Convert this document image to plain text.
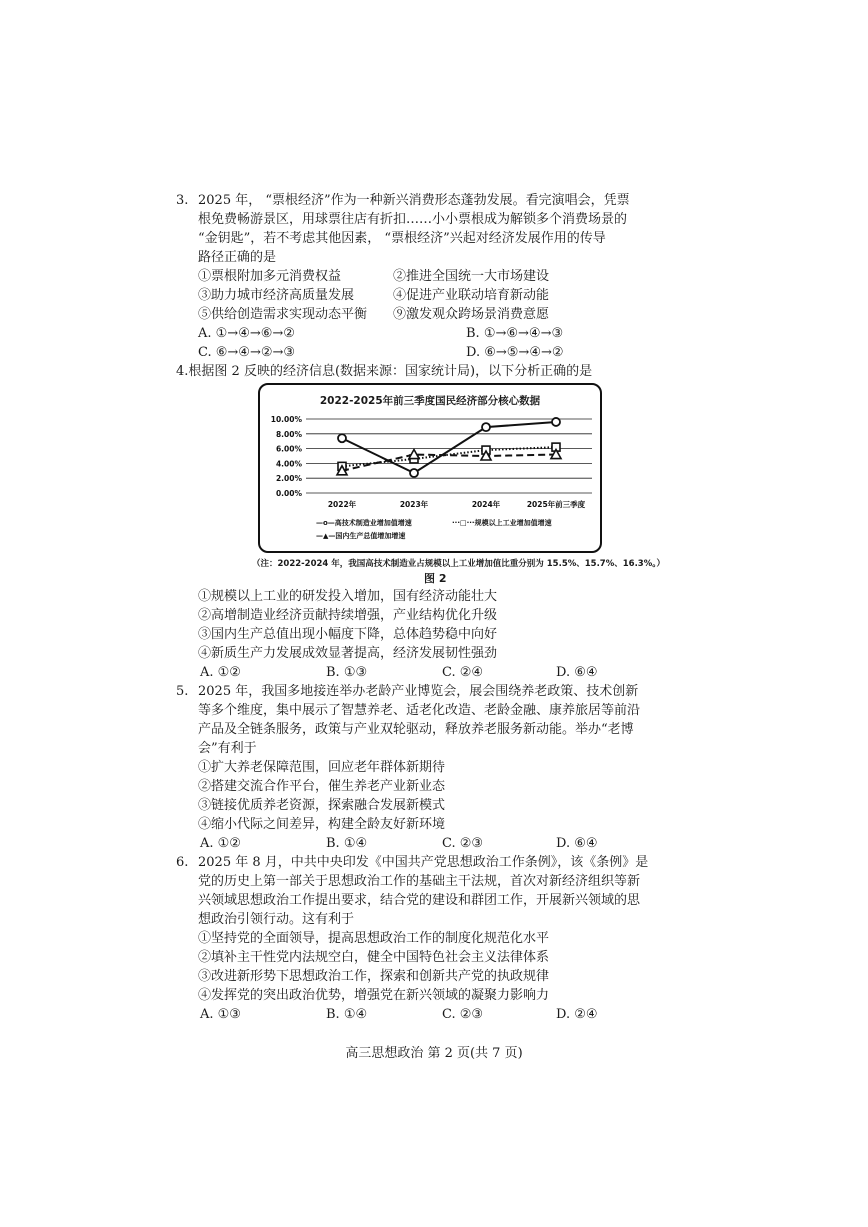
3. 2025 年， “票根经济”作为一种新兴消费形态蓬勃发展。看完演唱会，凭票
根免费畅游景区，用球票往店有折扣……小小票根成为解锁多个消费场景的
“金钥匙”，若不考虑其他因素， “票根经济”兴起对经济发展作用的传导
路径正确的是
①票根附加多元消费权益	②推进全国统一大市场建设
③助力城市经济高质量发展	④促进产业联动培育新动能
⑤供给创造需求实现动态平衡 ⑨激发观众跨场景消费意愿
A. ①→④→⑥→②	B. ①→⑥→④→③
C. ⑥→④→②→③	D. ⑥→⑤→④→②
4.根据图 2 反映的经济信息(数据来源：国家统计局)，以下分析正确的是
2022-2025年前三季度国民经济部分核心数据
10.00%
8.00%
6.00%
4.00%
2.00%
0.00%
2022年	2023年	2024年	2025年前三季度
—o—高技术制造业增加值增速	···□···规模以上工业增加值增速
—▲—国内生产总值增加增速
（注：2022-2024 年，我国高技术制造业占规模以上工业增加值比重分别为 15.5%、15.7%、16.3%。）
图 2
①规模以上工业的研发投入增加，国有经济动能壮大
②高增制造业经济贡献持续增强，产业结构优化升级
③国内生产总值出现小幅度下降，总体趋势稳中向好
④新质生产力发展成效显著提高，经济发展韧性强劲
A. ①②	B. ①③	C. ②④	D. ⑥④
5. 2025 年，我国多地接连举办老龄产业博览会，展会围绕养老政策、技术创新
等多个维度，集中展示了智慧养老、适老化改造、老龄金融、康养旅居等前沿
产品及全链条服务，政策与产业双轮驱动，释放养老服务新动能。举办“老博
会”有利于
①扩大养老保障范围，回应老年群体新期待
②搭建交流合作平台，催生养老产业新业态
③链接优质养老资源，探索融合发展新模式
④缩小代际之间差异，构建全龄友好新环境
A. ①②	B. ①④	C. ②③	D. ⑥④
6. 2025 年 8 月，中共中央印发《中国共产党思想政治工作条例》，该《条例》是
党的历史上第一部关于思想政治工作的基础主干法规，首次对新经济组织等新
兴领域思想政治工作提出要求，结合党的建设和群团工作，开展新兴领域的思
想政治引领行动。这有利于
①坚持党的全面领导，提高思想政治工作的制度化规范化水平
②填补主干性党内法规空白，健全中国特色社会主义法律体系
③改进新形势下思想政治工作，探索和创新共产党的执政规律
④发挥党的突出政治优势，增强党在新兴领域的凝聚力影响力
A. ①③	B. ①④	C. ②③	D. ②④
高三思想政治 第 2 页(共 7 页)
